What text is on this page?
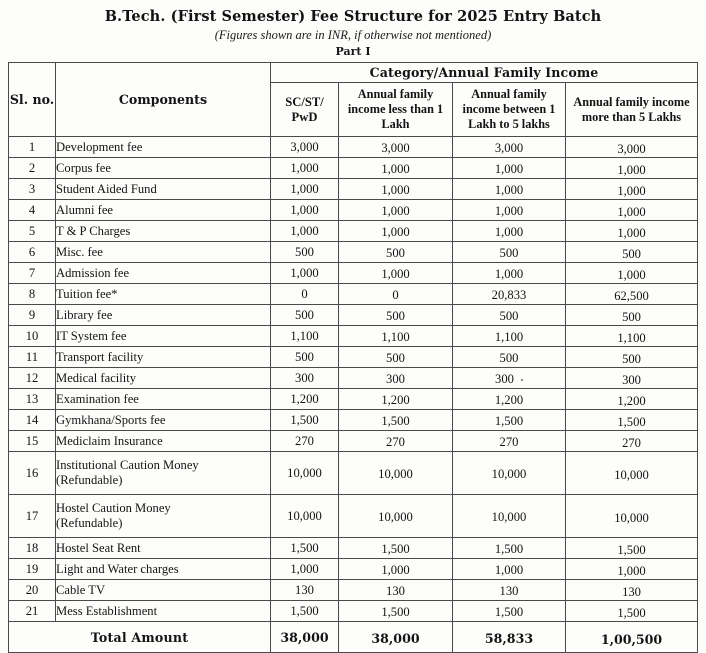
B.Tech. (First Semester) Fee Structure for 2025 Entry Batch
(Figures shown are in INR, if otherwise not mentioned)
Part I
Sl. no.	Components	Category/Annual Family Income			
		SC/ST/ PwD	Annual family income less than 1 Lakh	Annual family income between 1 Lakh to 5 lakhs	Annual family income more than 5 Lakhs
1	Development fee	3,000	3,000	3,000	3,000
2	Corpus fee	1,000	1,000	1,000	1,000
3	Student Aided Fund	1,000	1,000	1,000	1,000
4	Alumni fee	1,000	1,000	1,000	1,000
5	T & P Charges	1,000	1,000	1,000	1,000
6	Misc. fee	500	500	500	500
7	Admission fee	1,000	1,000	1,000	1,000
8	Tuition fee*	0	0	20,833	62,500
9	Library fee	500	500	500	500
10	IT System fee	1,100	1,100	1,100	1,100
11	Transport facility	500	500	500	500
12	Medical facility	300	300	300	300
13	Examination fee	1,200	1,200	1,200	1,200
14	Gymkhana/Sports fee	1,500	1,500	1,500	1,500
15	Mediclaim Insurance	270	270	270	270
16	Institutional Caution Money
(Refundable)	10,000	10,000	10,000	10,000
17	Hostel Caution Money
(Refundable)	10,000	10,000	10,000	10,000
18	Hostel Seat Rent	1,500	1,500	1,500	1,500
19	Light and Water charges	1,000	1,000	1,000	1,000
20	Cable TV	130	130	130	130
21	Mess Establishment	1,500	1,500	1,500	1,500
Total Amount		38,000	38,000	58,833	1,00,500
